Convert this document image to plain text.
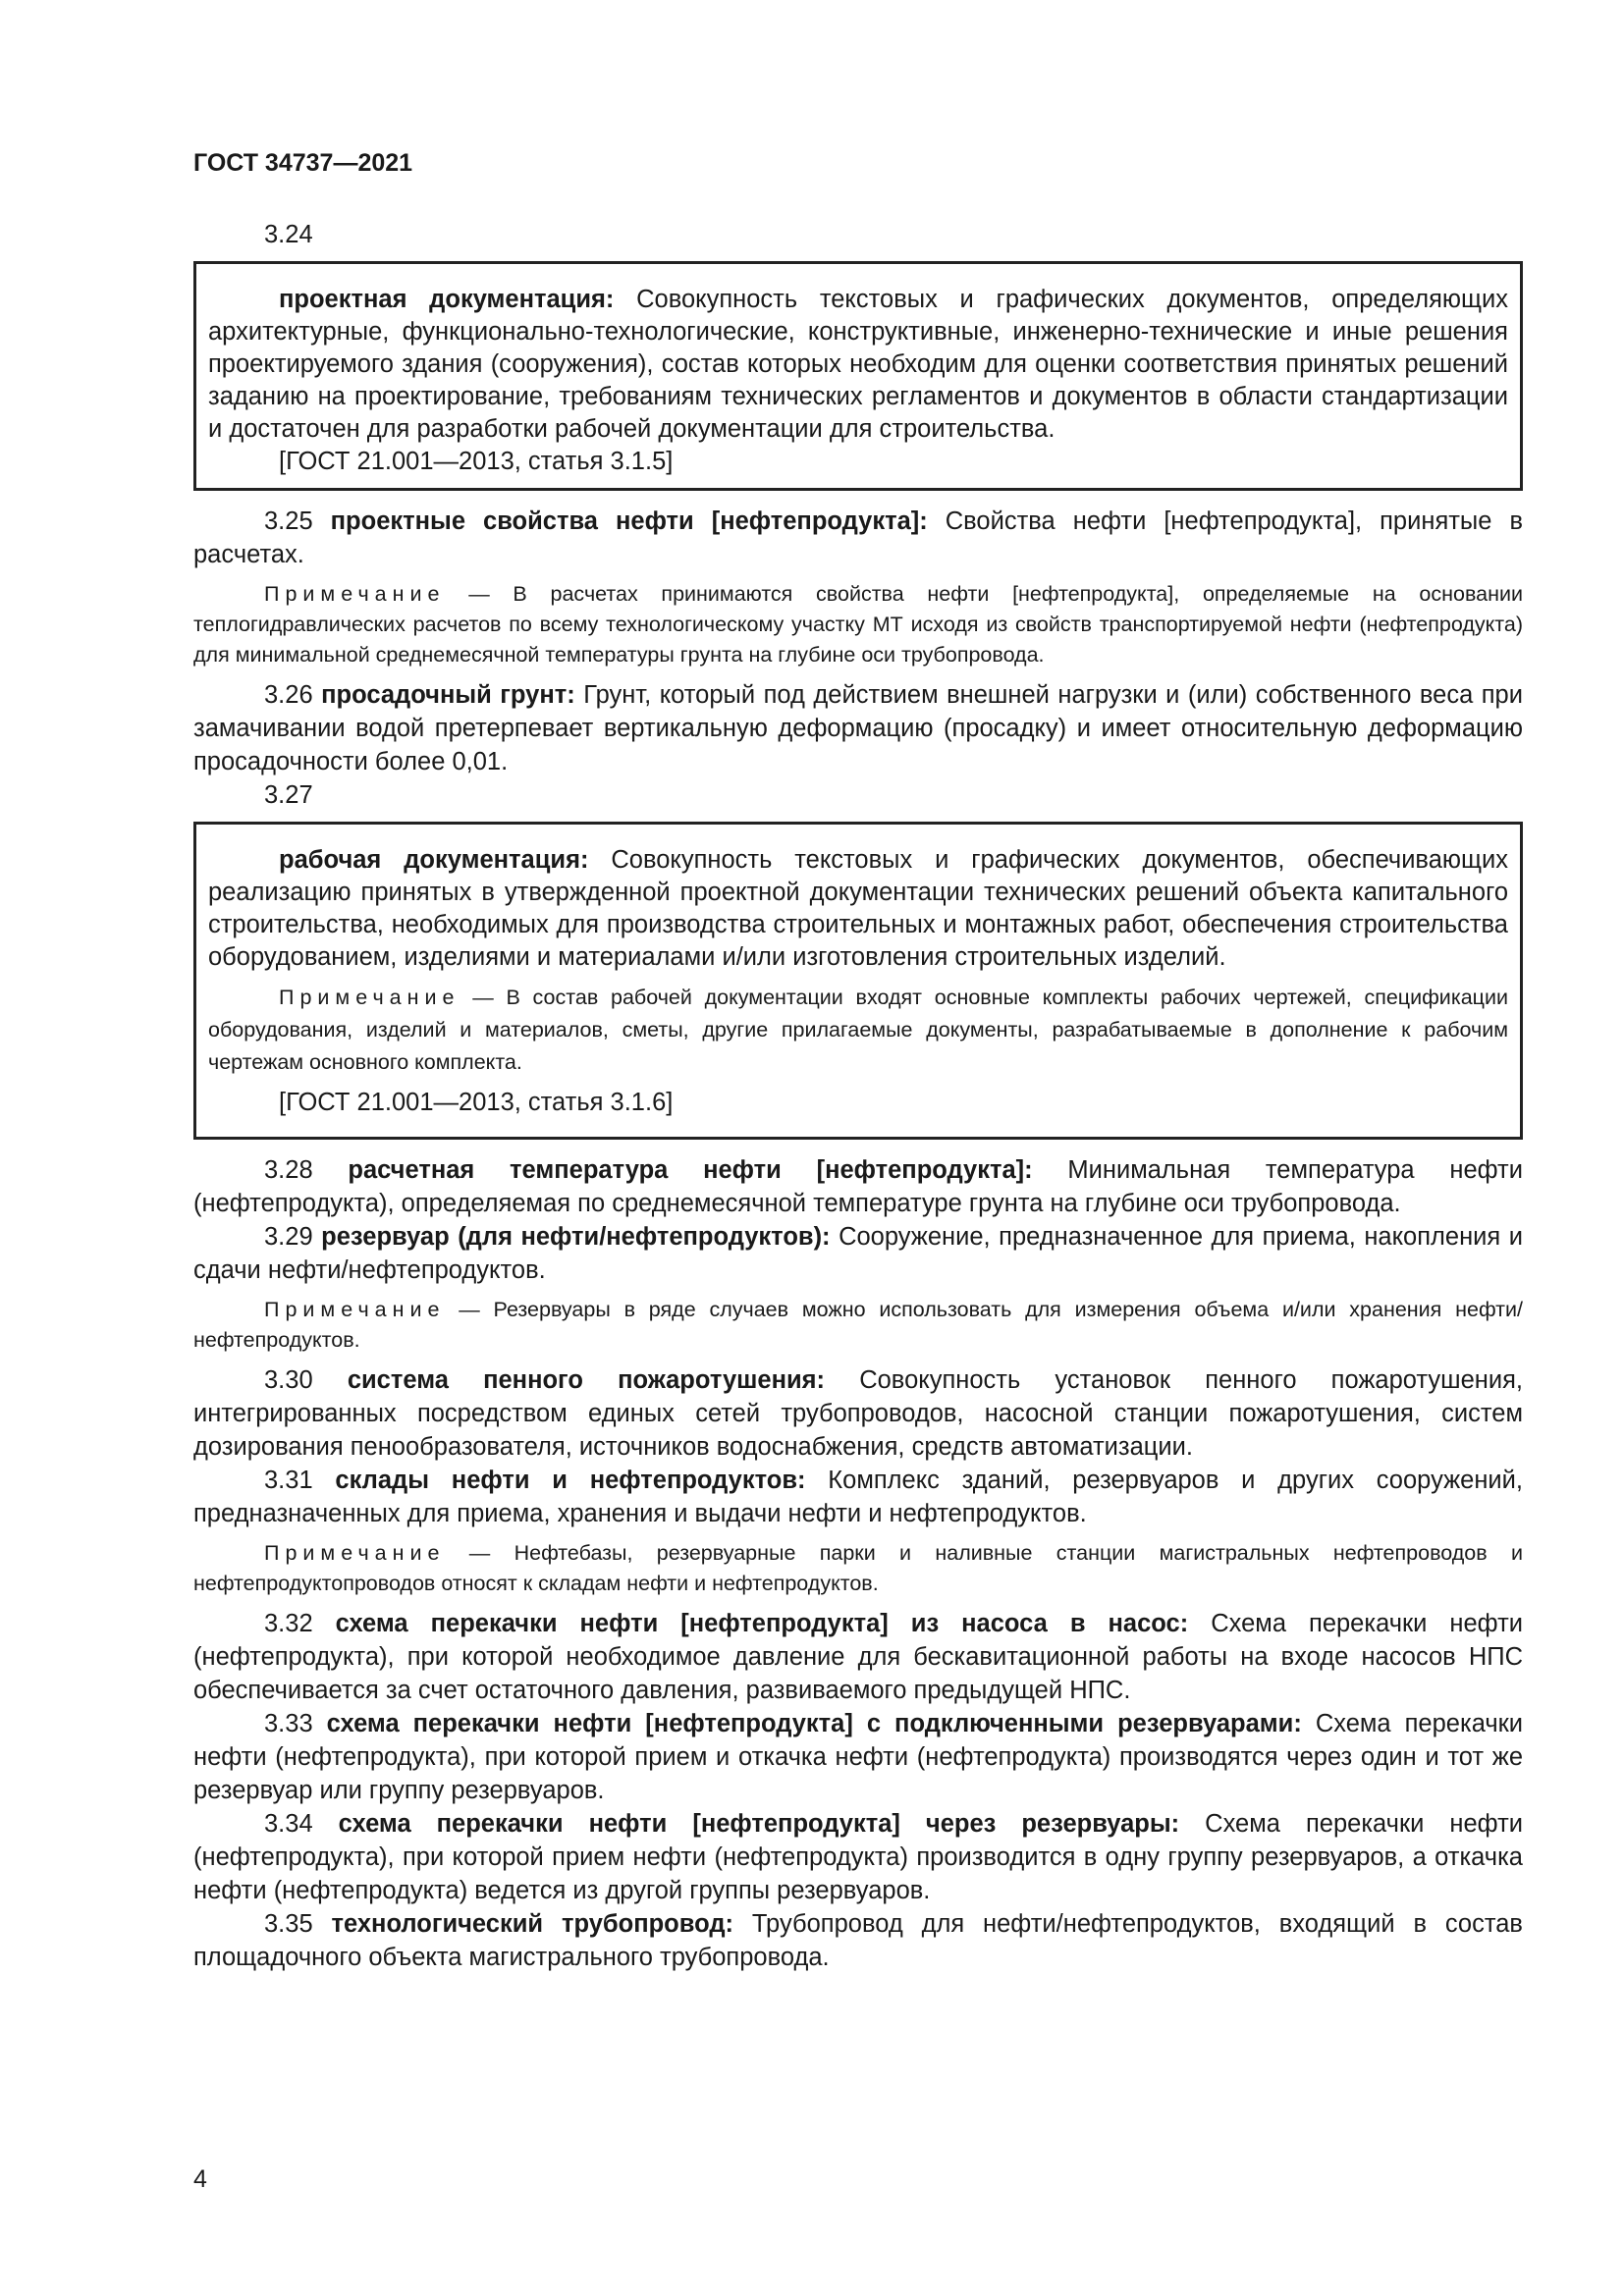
ГОСТ 34737—2021

3.24

проектная документация: Совокупность текстовых и графических документов, определяющих архитектурные, функционально-технологические, конструктивные, инженерно-технические и иные решения проектируемого здания (сооружения), состав которых необходим для оценки соответствия принятых решений заданию на проектирование, требованиям технических регламентов и документов в области стандартизации и достаточен для разработки рабочей документации для строительства.

[ГОСТ 21.001—2013, статья 3.1.5]

3.25 проектные свойства нефти [нефтепродукта]: Свойства нефти [нефтепродукта], принятые в расчетах.

Примечание — В расчетах принимаются свойства нефти [нефтепродукта], определяемые на основании теплогидравлических расчетов по всему технологическому участку МТ исходя из свойств транспортируемой нефти (нефтепродукта) для минимальной среднемесячной температуры грунта на глубине оси трубопровода.

3.26 просадочный грунт: Грунт, который под действием внешней нагрузки и (или) собственного веса при замачивании водой претерпевает вертикальную деформацию (просадку) и имеет относительную деформацию просадочности более 0,01.

3.27

рабочая документация: Совокупность текстовых и графических документов, обеспечивающих реализацию принятых в утвержденной проектной документации технических решений объекта капитального строительства, необходимых для производства строительных и монтажных работ, обеспечения строительства оборудованием, изделиями и материалами и/или изготовления строительных изделий.

Примечание — В состав рабочей документации входят основные комплекты рабочих чертежей, спецификации оборудования, изделий и материалов, сметы, другие прилагаемые документы, разрабатываемые в дополнение к рабочим чертежам основного комплекта.

[ГОСТ 21.001—2013, статья 3.1.6]

3.28 расчетная температура нефти [нефтепродукта]: Минимальная температура нефти (нефтепродукта), определяемая по среднемесячной температуре грунта на глубине оси трубопровода.

3.29 резервуар (для нефти/нефтепродуктов): Сооружение, предназначенное для приема, накопления и сдачи нефти/нефтепродуктов.

Примечание — Резервуары в ряде случаев можно использовать для измерения объема и/или хранения нефти/нефтепродуктов.

3.30 система пенного пожаротушения: Совокупность установок пенного пожаротушения, интегрированных посредством единых сетей трубопроводов, насосной станции пожаротушения, систем дозирования пенообразователя, источников водоснабжения, средств автоматизации.

3.31 склады нефти и нефтепродуктов: Комплекс зданий, резервуаров и других сооружений, предназначенных для приема, хранения и выдачи нефти и нефтепродуктов.

Примечание — Нефтебазы, резервуарные парки и наливные станции магистральных нефтепроводов и нефтепродуктопроводов относят к складам нефти и нефтепродуктов.

3.32 схема перекачки нефти [нефтепродукта] из насоса в насос: Схема перекачки нефти (нефтепродукта), при которой необходимое давление для бескавитационной работы на входе насосов НПС обеспечивается за счет остаточного давления, развиваемого предыдущей НПС.

3.33 схема перекачки нефти [нефтепродукта] с подключенными резервуарами: Схема перекачки нефти (нефтепродукта), при которой прием и откачка нефти (нефтепродукта) производятся через один и тот же резервуар или группу резервуаров.

3.34 схема перекачки нефти [нефтепродукта] через резервуары: Схема перекачки нефти (нефтепродукта), при которой прием нефти (нефтепродукта) производится в одну группу резервуаров, а откачка нефти (нефтепродукта) ведется из другой группы резервуаров.

3.35 технологический трубопровод: Трубопровод для нефти/нефтепродуктов, входящий в состав площадочного объекта магистрального трубопровода.

4
